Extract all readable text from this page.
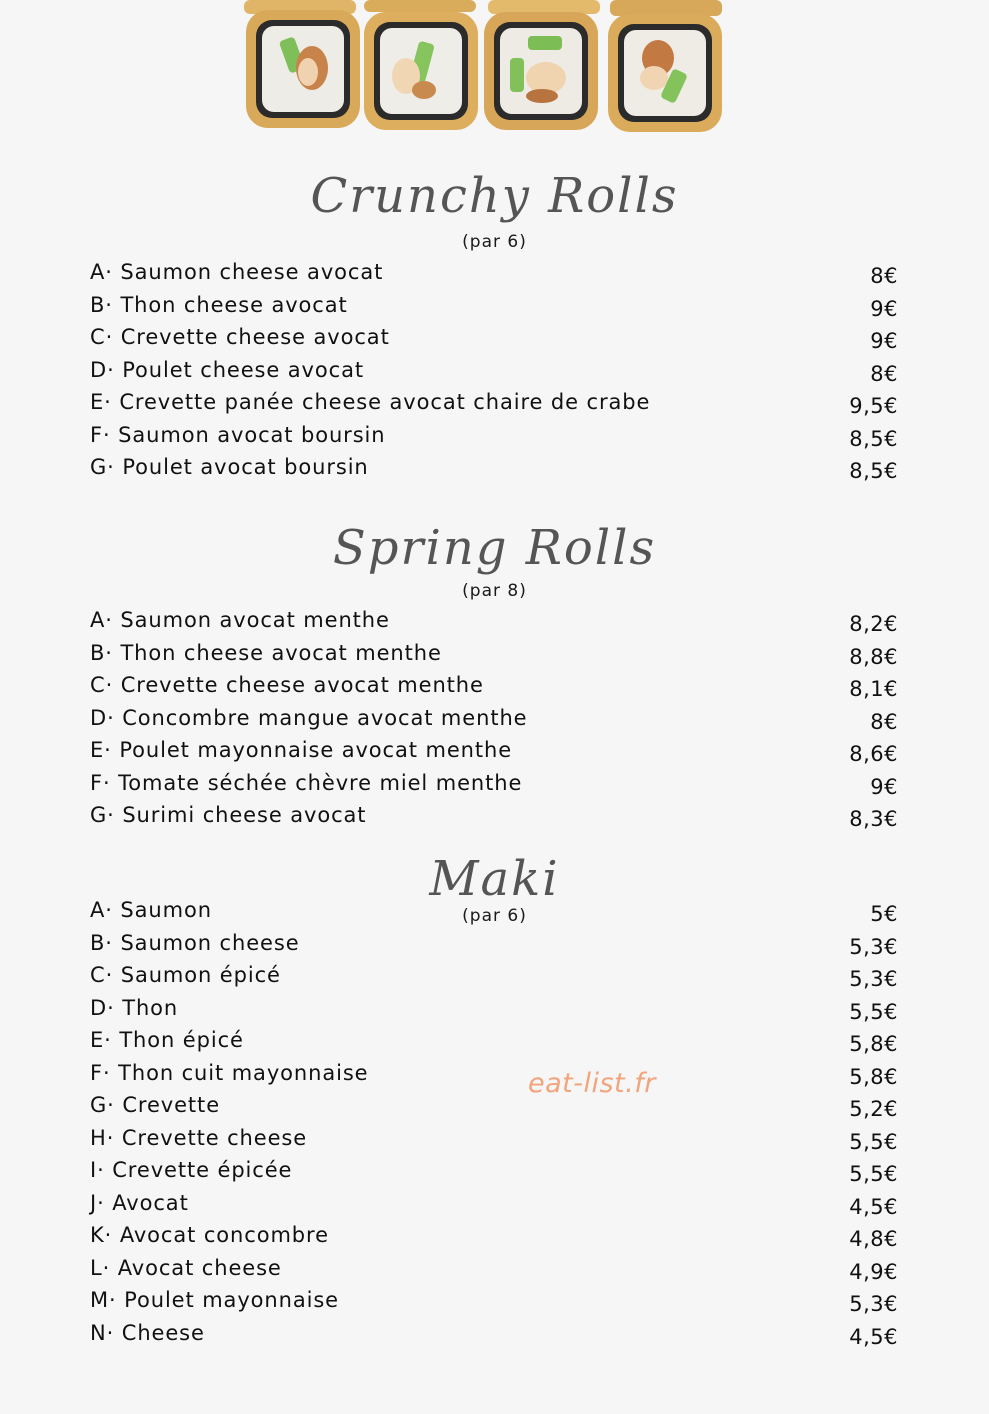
Crunchy Rolls
(par 6)
A· Saumon cheese avocat	8€
B· Thon cheese avocat	9€
C· Crevette cheese avocat	9€
D· Poulet cheese avocat	8€
E· Crevette panée cheese avocat chaire de crabe	9,5€
F· Saumon avocat boursin	8,5€
G· Poulet avocat boursin	8,5€
Spring Rolls
(par 8)
A· Saumon avocat menthe	8,2€
B· Thon cheese avocat menthe	8,8€
C· Crevette cheese avocat menthe	8,1€
D· Concombre mangue avocat menthe	8€
E· Poulet mayonnaise avocat menthe	8,6€
F· Tomate séchée chèvre miel menthe	9€
G· Surimi cheese avocat	8,3€
Maki
(par 6)
A· Saumon	5€
B· Saumon cheese	5,3€
C· Saumon épicé	5,3€
D· Thon	5,5€
E· Thon épicé	5,8€
F· Thon cuit mayonnaise	5,8€
G· Crevette	5,2€
H· Crevette cheese	5,5€
I· Crevette épicée	5,5€
J· Avocat	4,5€
K· Avocat concombre	4,8€
L· Avocat cheese	4,9€
M· Poulet mayonnaise	5,3€
N· Cheese	4,5€
eat-list.fr
